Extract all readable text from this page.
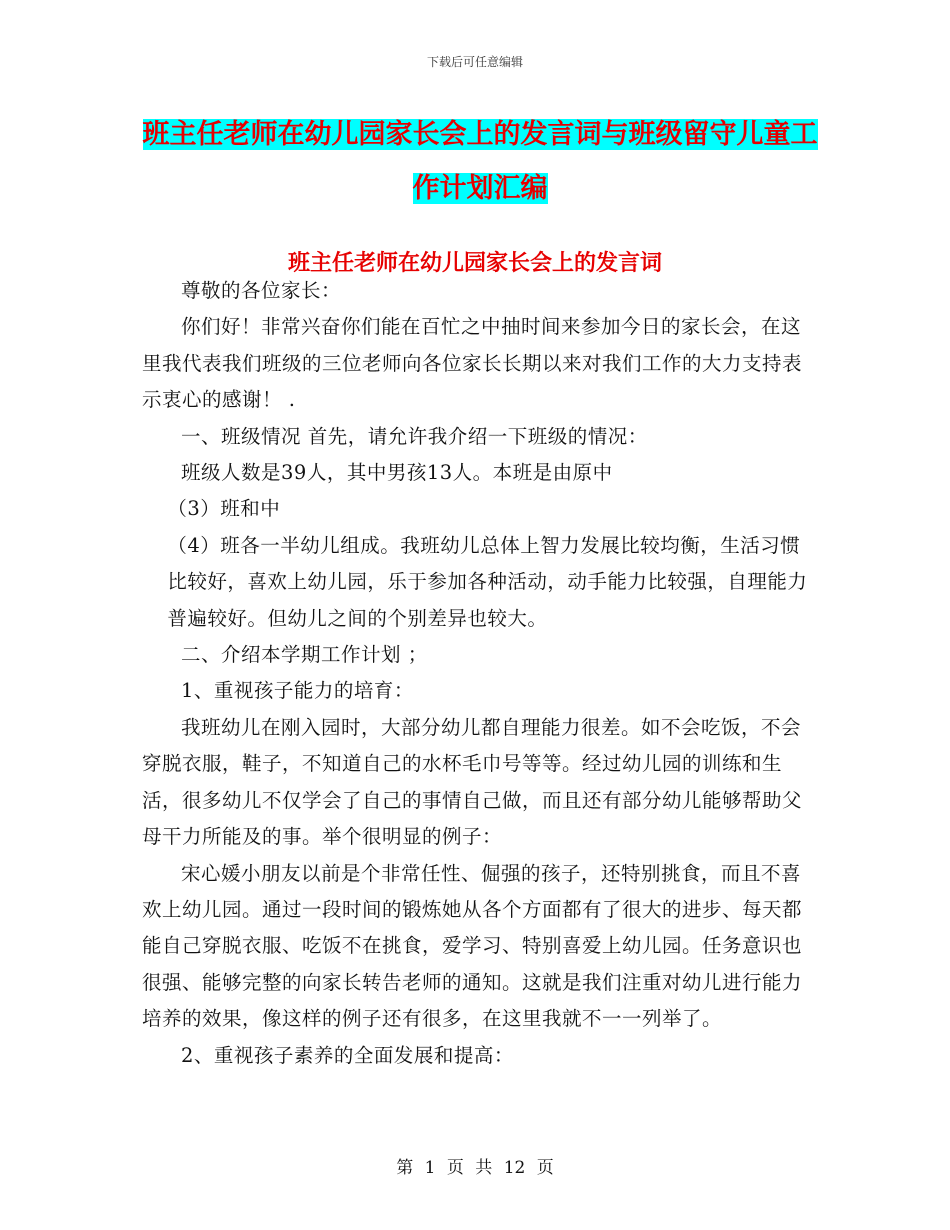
下载后可任意编辑
班主任老师在幼儿园家长会上的发言词与班级留守儿童工作计划汇编
班主任老师在幼儿园家长会上的发言词

尊敬的各位家长：

你们好！非常兴奋你们能在百忙之中抽时间来参加今日的家长会，在这里我代表我们班级的三位老师向各位家长长期以来对我们工作的大力支持表示衷心的感谢！ .

一、班级情况 首先，请允许我介绍一下班级的情况：

班级人数是39人，其中男孩13人。本班是由原中

（3）班和中

（4）班各一半幼儿组成。我班幼儿总体上智力发展比较均衡，生活习惯比较好，喜欢上幼儿园，乐于参加各种活动，动手能力比较强，自理能力普遍较好。但幼儿之间的个别差异也较大。

二、介绍本学期工作计划 ；

1、重视孩子能力的培育：

我班幼儿在刚入园时，大部分幼儿都自理能力很差。如不会吃饭，不会穿脱衣服，鞋子，不知道自己的水杯毛巾号等等。经过幼儿园的训练和生活，很多幼儿不仅学会了自己的事情自己做，而且还有部分幼儿能够帮助父母干力所能及的事。举个很明显的例子：

宋心媛小朋友以前是个非常任性、倔强的孩子，还特别挑食，而且不喜欢上幼儿园。通过一段时间的锻炼她从各个方面都有了很大的进步、每天都能自己穿脱衣服、吃饭不在挑食，爱学习、特别喜爱上幼儿园。任务意识也很强、能够完整的向家长转告老师的通知。这就是我们注重对幼儿进行能力培养的效果，像这样的例子还有很多，在这里我就不一一列举了。

2、重视孩子素养的全面发展和提高：

第 1 页 共 12 页
